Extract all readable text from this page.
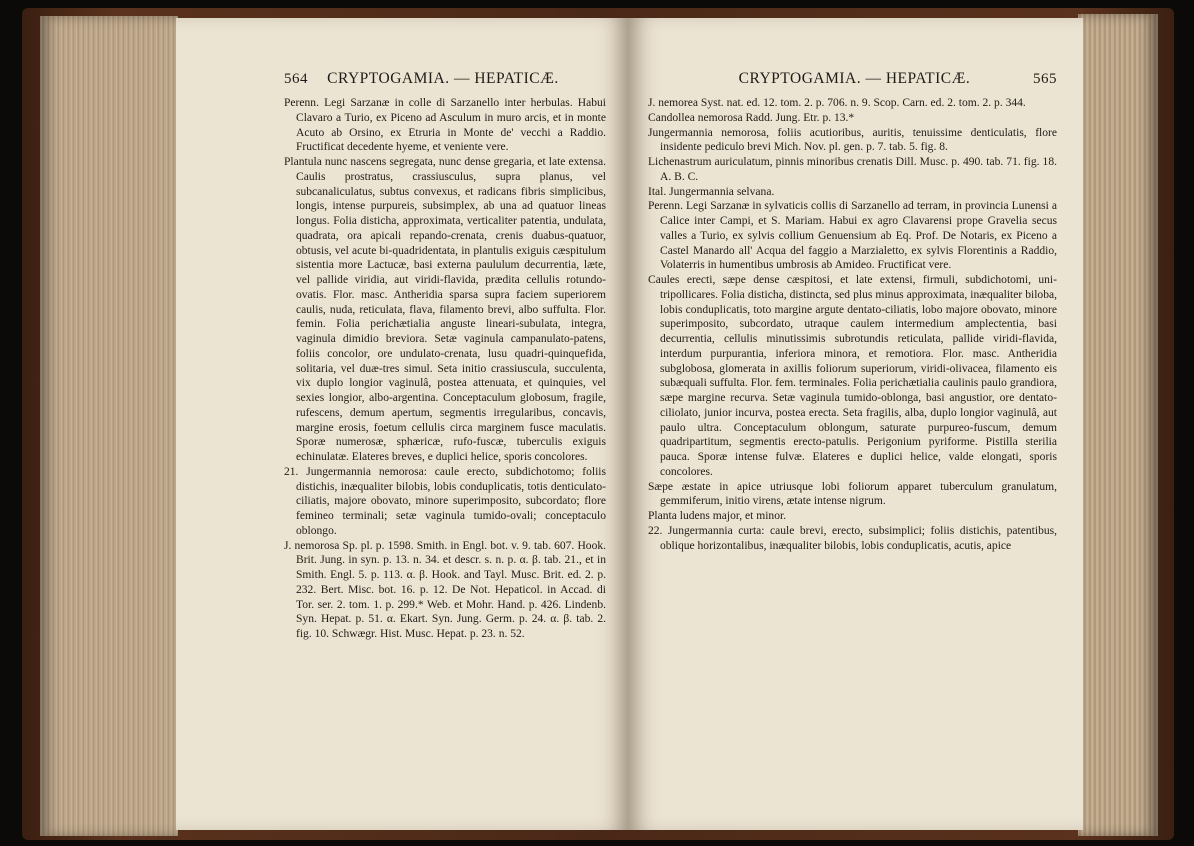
564 CRYPTOGAMIA. — HEPATICÆ.

Perenn. Legi Sarzanæ in colle di Sarzanello inter herbulas. Habui Clavaro a Turio, ex Piceno ad Asculum in muro arcis, et in monte Acuto ab Orsino, ex Etruria in Monte de' vecchi a Raddio. Fructificat decedente hyeme, et veniente vere.

Plantula nunc nascens segregata, nunc dense gregaria, et late extensa. Caulis prostratus, crassiusculus, supra planus, vel subcanaliculatus, subtus convexus, et radicans fibris simplicibus, longis, intense purpureis, subsimplex, ab una ad quatuor lineas longus. Folia disticha, approximata, verticaliter patentia, undulata, quadrata, ora apicali repando-crenata, crenis duabus-quatuor, obtusis, vel acute bi-quadridentata, in plantulis exiguis cæspitulum sistentia more Lactucæ, basi externa paululum decurrentia, læte, vel pallide viridia, aut viridi-flavida, prædita cellulis rotundo-ovatis. Flor. masc. Antheridia sparsa supra faciem superiorem caulis, nuda, reticulata, flava, filamento brevi, albo suffulta. Flor. femin. Folia perichætialia anguste lineari-subulata, integra, vaginula dimidio breviora. Setæ vaginula campanulato-patens, foliis concolor, ore undulato-crenata, lusu quadri-quinquefida, solitaria, vel duæ-tres simul. Seta initio crassiuscula, succulenta, vix duplo longior vaginulâ, postea attenuata, et quinquies, vel sexies longior, albo-argentina. Conceptaculum globosum, fragile, rufescens, demum apertum, segmentis irregularibus, concavis, margine erosis, foetum cellulis circa marginem fusce maculatis. Sporæ numerosæ, sphæricæ, rufo-fuscæ, tuberculis exiguis echinulatæ. Elateres breves, e duplici helice, sporis concolores.

21. Jungermannia nemorosa: caule erecto, subdichotomo; foliis distichis, inæqualiter bilobis, lobis conduplicatis, totis denticulato-ciliatis, majore obovato, minore superimposito, subcordato; flore feminеo terminali; setæ vaginula tumido-ovali; conceptaculo oblongo.

J. nemorosa Sp. pl. p. 1598. Smith. in Engl. bot. v. 9. tab. 607. Hook. Brit. Jung. in syn. p. 13. n. 34. et descr. s. n. p. α. β. tab. 21., et in Smith. Engl. 5. p. 113. α. β. Hook. and Tayl. Musc. Brit. ed. 2. p. 232. Bert. Misc. bot. 16. p. 12. De Not. Hepaticol. in Accad. di Tor. ser. 2. tom. 1. p. 299.* Web. et Mohr. Hand. p. 426. Lindenb. Syn. Hepat. p. 51. α. Ekart. Syn. Jung. Germ. p. 24. α. β. tab. 2. fig. 10. Schwægr. Hist. Musc. Hepat. p. 23. n. 52.

CRYPTOGAMIA. — HEPATICÆ.	565

J. nemorea Syst. nat. ed. 12. tom. 2. p. 706. n. 9. Scop. Carn. ed. 2. tom. 2. p. 344.

Candollea nemorosa Radd. Jung. Etr. p. 13.*

Jungermannia nemorosa, foliis acutioribus, auritis, tenuissime denticulatis, flore insidente pediculo brevi Mich. Nov. pl. gen. p. 7. tab. 5. fig. 8.

Lichenastrum auriculatum, pinnis minoribus crenatis Dill. Musc. p. 490. tab. 71. fig. 18. A. B. C.

Ital. Jungermannia selvana.

Perenn. Legi Sarzanæ in sylvaticis collis di Sarzanello ad terram, in provincia Lunensi a Calice inter Campi, et S. Mariam. Habui ex agro Clavarensi prope Gravelia secus valles a Turio, ex sylvis collium Genuensium ab Eq. Prof. De Notaris, ex Piceno a Castel Manardo all' Acqua del faggio a Marzialetto, ex sylvis Florentinis a Raddio, Volaterris in humentibus umbrosis ab Amideo. Fructificat vere.

Caules erecti, sæpe dense cæspitosi, et late extensi, firmuli, subdichotomi, uni-tripollicares. Folia disticha, distincta, sed plus minus approximata, inæqualiter biloba, lobis conduplicatis, toto margine argute dentato-ciliatis, lobo majore obovato, minore superimposito, subcordato, utraque caulem intermedium amplectentia, basi decurrentia, cellulis minutissimis subrotundis reticulata, pallide viridi-flavida, interdum purpurantia, inferiora minora, et remotiora. Flor. masc. Antheridia subglobosa, glomerata in axillis foliorum superiorum, viridi-olivacea, filamento eis subæquali suffulta. Flor. fem. terminales. Folia perichætialia caulinis paulo grandiora, sæpe margine recurva. Setæ vaginula tumido-oblonga, basi angustior, ore dentato-ciliolato, junior incurva, postea erecta. Seta fragilis, alba, duplo longior vaginulâ, aut paulo ultra. Conceptaculum oblongum, saturate purpureo-fuscum, demum quadripartitum, segmentis erecto-patulis. Perigonium pyriforme. Pistilla sterilia pauca. Sporæ intense fulvæ. Elateres e duplici helice, valde elongati, sporis concolores.

Sæpe æstate in apice utriusque lobi foliorum apparet tuberculum granulatum, gemmiferum, initio virens, ætate intense nigrum.

Planta ludens major, et minor.

22. Jungermannia curta: caule brevi, erecto, subsimplici; foliis distichis, patentibus, oblique horizontalibus, inæqualiter bilobis, lobis conduplicatis, acutis, apice
